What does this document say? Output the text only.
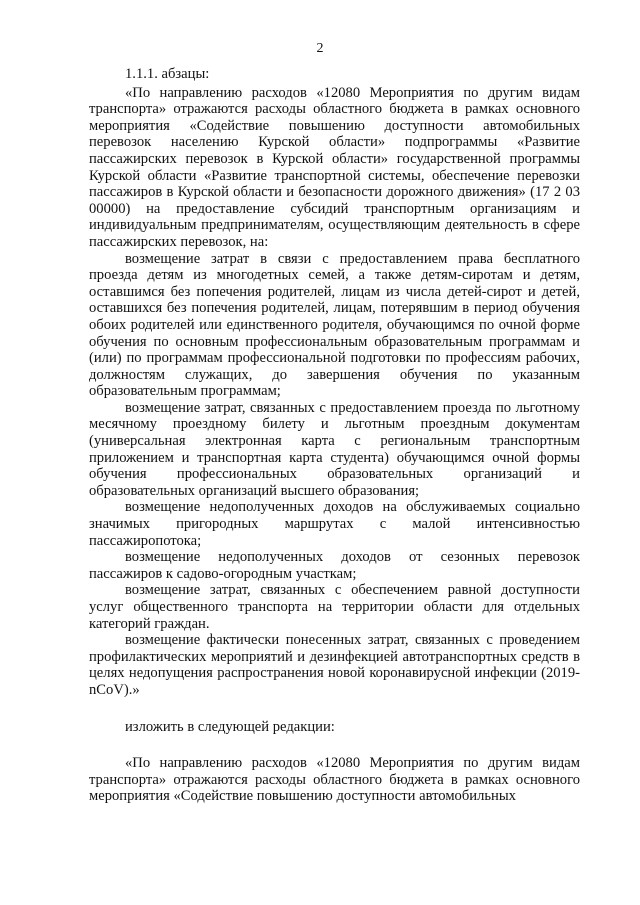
2

1.1.1. абзацы:

«По направлению расходов «12080 Мероприятия по другим видам транспорта» отражаются расходы областного бюджета в рамках основного мероприятия «Содействие повышению доступности автомобильных перевозок населению Курской области» подпрограммы «Развитие пассажирских перевозок в Курской области» государственной программы Курской области «Развитие транспортной системы, обеспечение перевозки пассажиров в Курской области и безопасности дорожного движения» (17 2 03 00000) на предоставление субсидий транспортным организациям и индивидуальным предпринимателям, осуществляющим деятельность в сфере пассажирских перевозок, на:

возмещение затрат в связи с предоставлением права бесплатного проезда детям из многодетных семей, а также детям-сиротам и детям, оставшимся без попечения родителей, лицам из числа детей-сирот и детей, оставшихся без попечения родителей, лицам, потерявшим в период обучения обоих родителей или единственного родителя, обучающимся по очной форме обучения по основным профессиональным образовательным программам и (или) по программам профессиональной подготовки по профессиям рабочих, должностям служащих, до завершения обучения по указанным образовательным программам;

возмещение затрат, связанных с предоставлением проезда по льготному месячному проездному билету и льготным проездным документам (универсальная электронная карта с региональным транспортным приложением и транспортная карта студента) обучающимся очной формы обучения профессиональных образовательных организаций и образовательных организаций высшего образования;

возмещение недополученных доходов на обслуживаемых социально значимых пригородных маршрутах с малой интенсивностью пассажиропотока;

возмещение недополученных доходов от сезонных перевозок пассажиров к садово-огородным участкам;

возмещение затрат, связанных с обеспечением равной доступности услуг общественного транспорта на территории области для отдельных категорий граждан.

возмещение фактически понесенных затрат, связанных с проведением профилактических мероприятий и дезинфекцией автотранспортных средств в целях недопущения распространения новой коронавирусной инфекции (2019-nCoV).»

изложить в следующей редакции:

«По направлению расходов «12080 Мероприятия по другим видам транспорта» отражаются расходы областного бюджета в рамках основного мероприятия «Содействие повышению доступности автомобильных
